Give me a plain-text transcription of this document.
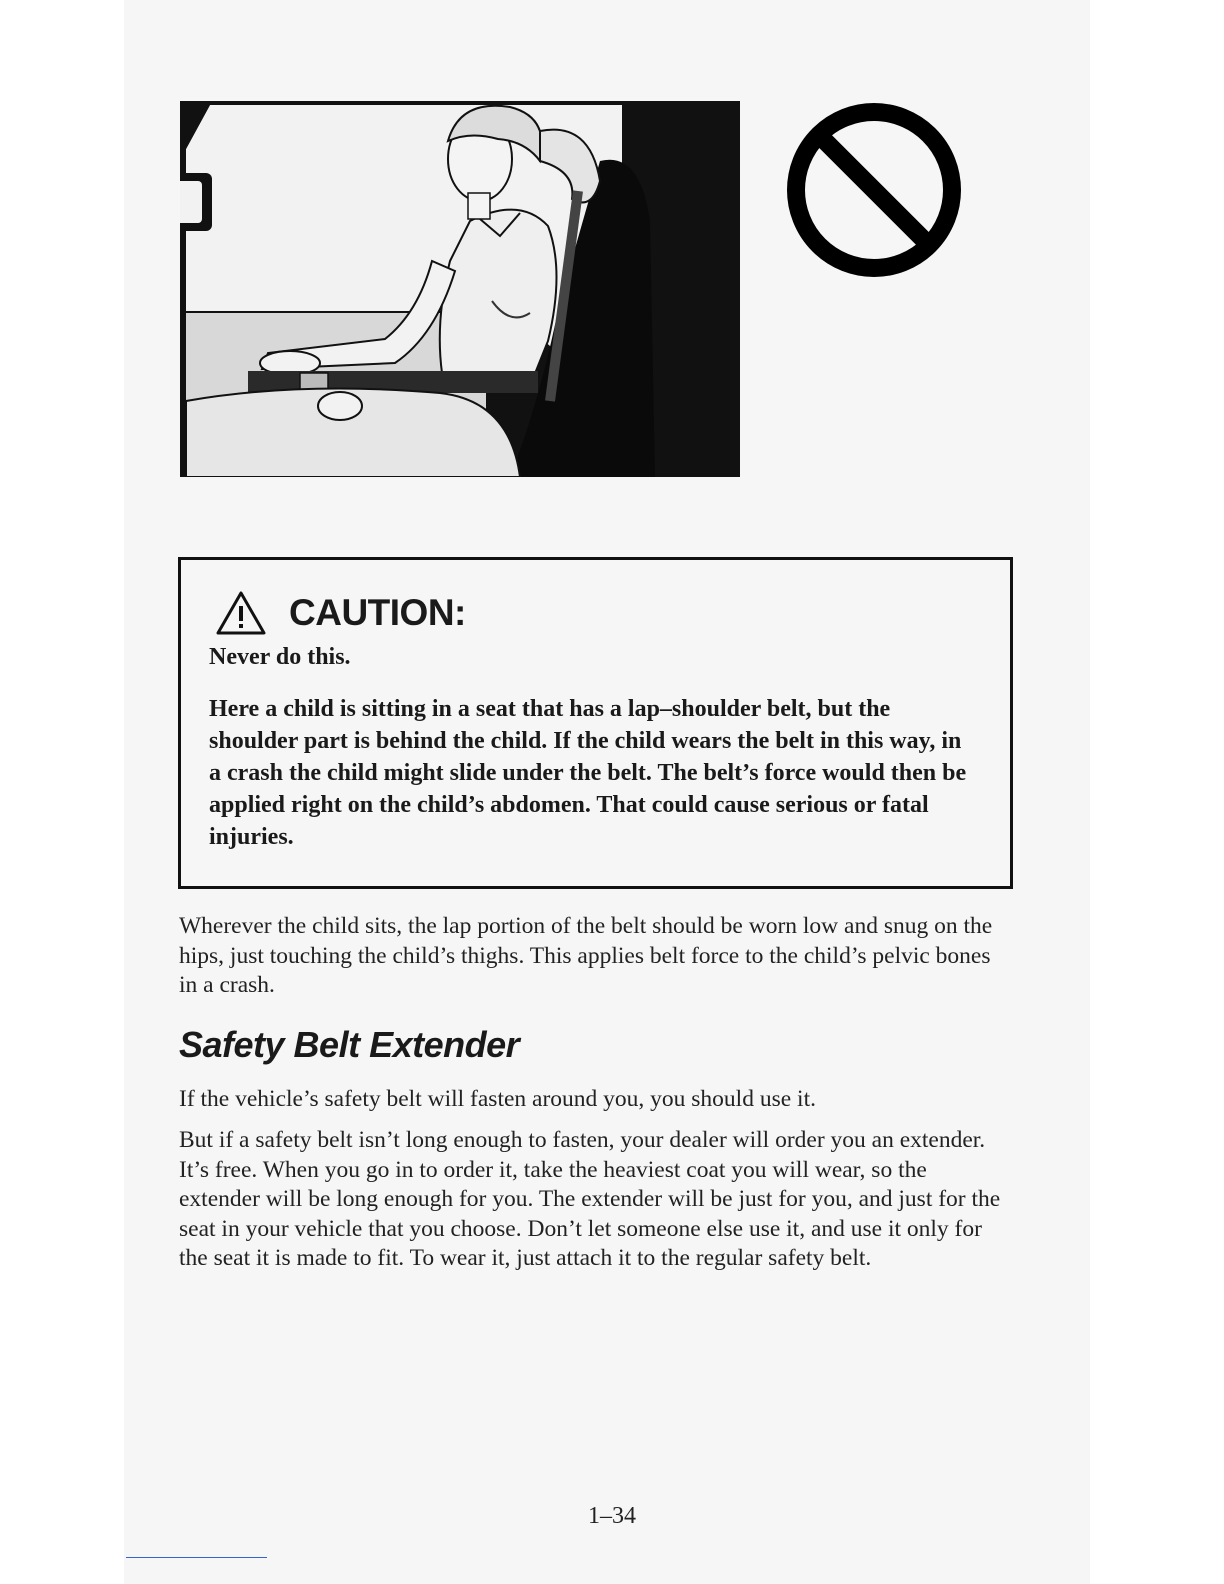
CAUTION:
Never do this.
Here a child is sitting in a seat that has a lap–shoulder belt, but the shoulder part is behind the child. If the child wears the belt in this way, in a crash the child might slide under the belt. The belt’s force would then be applied right on the child’s abdomen. That could cause serious or fatal injuries.

Wherever the child sits, the lap portion of the belt should be worn low and snug on the hips, just touching the child’s thighs. This applies belt force to the child’s pelvic bones in a crash.

Safety Belt Extender

If the vehicle’s safety belt will fasten around you, you should use it.

But if a safety belt isn’t long enough to fasten, your dealer will order you an extender. It’s free. When you go in to order it, take the heaviest coat you will wear, so the extender will be long enough for you. The extender will be just for you, and just for the seat in your vehicle that you choose. Don’t let someone else use it, and use it only for the seat it is made to fit. To wear it, just attach it to the regular safety belt.

1–34
